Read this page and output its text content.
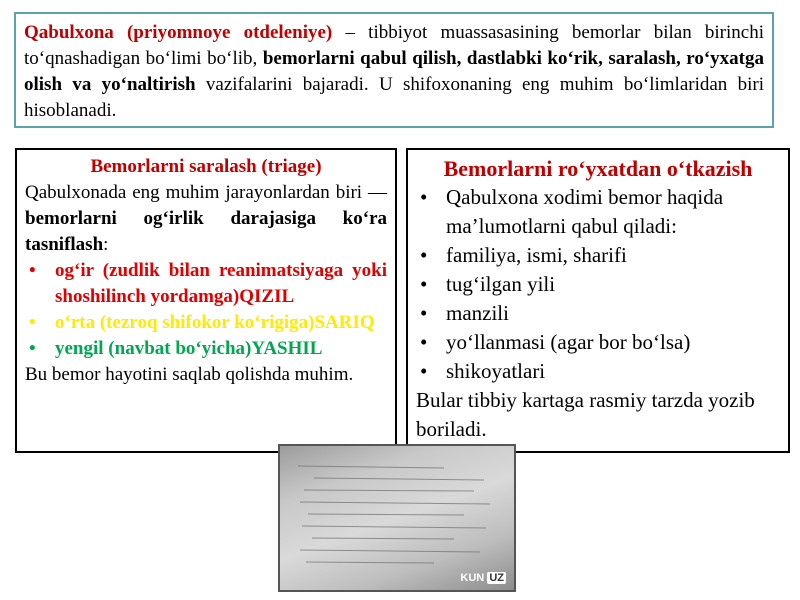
Qabulxona (priyomnoye otdeleniye) – tibbiyot muassasasining bemorlar bilan birinchi to‘qnashadigan bo‘limi bo‘lib, bemorlarni qabul qilish, dastlabki ko‘rik, saralash, ro‘yxatga olish va yo‘naltirish vazifalarini bajaradi. U shifoxonaning eng muhim bo‘limlaridan biri hisoblanadi.
Bemorlarni saralash (triage)
Qabulxonada eng muhim jarayonlardan biri — bemorlarni og‘irlik darajasiga ko‘ra tasniflash:
• og‘ir (zudlik bilan reanimatsiyaga yoki shoshilinch yordamga)QIZIL
• o‘rta (tezroq shifokor ko‘rigiga)SARIQ
• yengil (navbat bo‘yicha)YASHIL
Bu bemor hayotini saqlab qolishda muhim.
Bemorlarni ro‘yxatdan o‘tkazish
• Qabulxona xodimi bemor haqida ma’lumotlarni qabul qiladi:
• familiya, ismi, sharifi
• tug‘ilgan yili
• manzili
• yo‘llanmasi (agar bor bo‘lsa)
• shikoyatlari
Bular tibbiy kartaga rasmiy tarzda yozib boriladi.
KUN UZ
